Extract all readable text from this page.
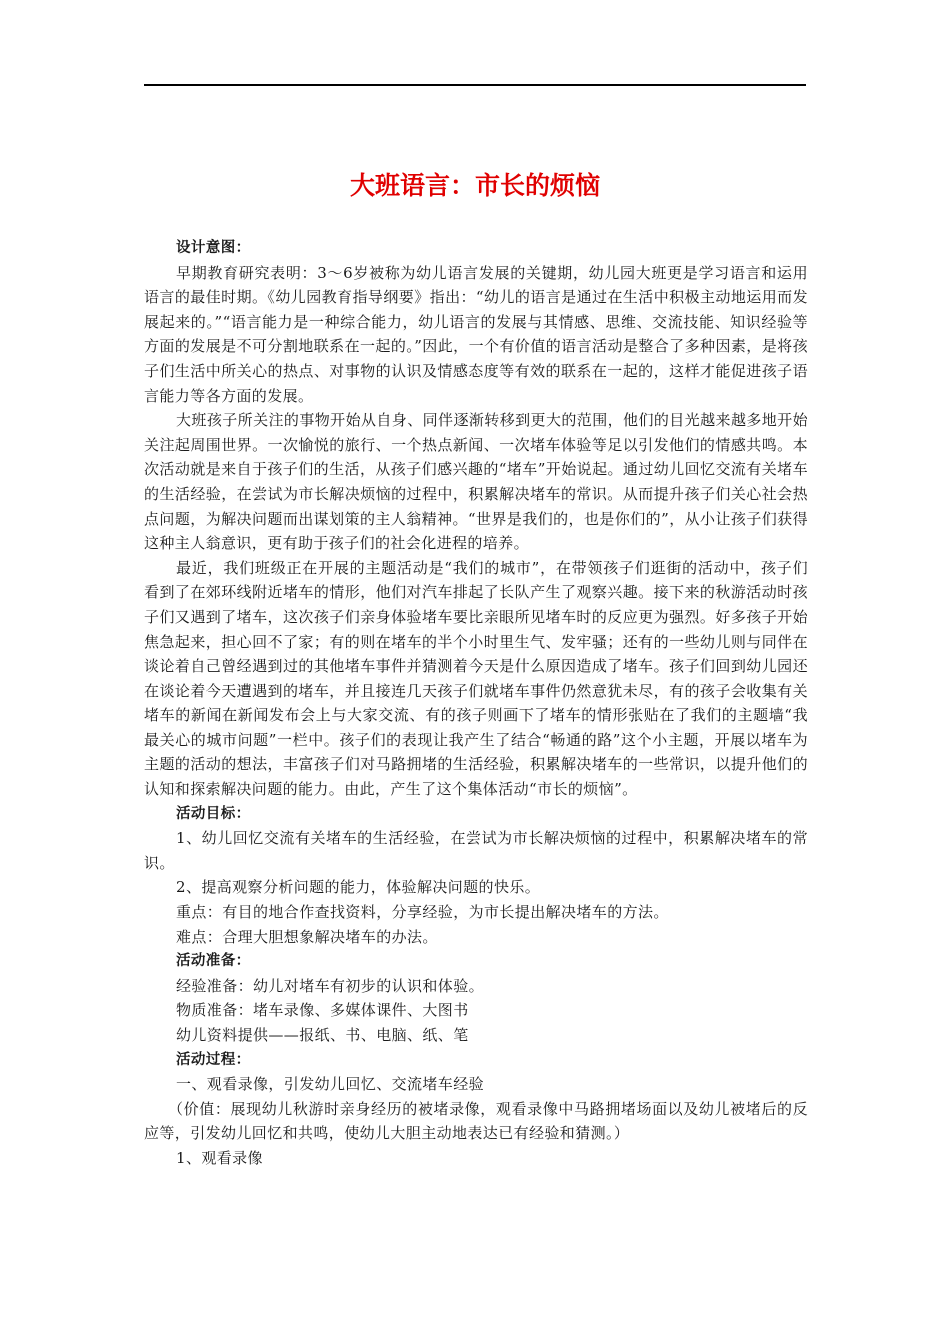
大班语言：市长的烦恼

设计意图：

早期教育研究表明：3～6岁被称为幼儿语言发展的关键期，幼儿园大班更是学习语言和运用语言的最佳时期。《幼儿园教育指导纲要》指出：“幼儿的语言是通过在生活中积极主动地运用而发展起来的。”“语言能力是一种综合能力，幼儿语言的发展与其情感、思维、交流技能、知识经验等方面的发展是不可分割地联系在一起的。”因此，一个有价值的语言活动是整合了多种因素，是将孩子们生活中所关心的热点、对事物的认识及情感态度等有效的联系在一起的，这样才能促进孩子语言能力等各方面的发展。

大班孩子所关注的事物开始从自身、同伴逐渐转移到更大的范围，他们的目光越来越多地开始关注起周围世界。一次愉悦的旅行、一个热点新闻、一次堵车体验等足以引发他们的情感共鸣。本次活动就是来自于孩子们的生活，从孩子们感兴趣的“堵车”开始说起。通过幼儿回忆交流有关堵车的生活经验，在尝试为市长解决烦恼的过程中，积累解决堵车的常识。从而提升孩子们关心社会热点问题，为解决问题而出谋划策的主人翁精神。“世界是我们的，也是你们的”，从小让孩子们获得这种主人翁意识，更有助于孩子们的社会化进程的培养。

最近，我们班级正在开展的主题活动是“我们的城市”，在带领孩子们逛街的活动中，孩子们看到了在郊环线附近堵车的情形，他们对汽车排起了长队产生了观察兴趣。接下来的秋游活动时孩子们又遇到了堵车，这次孩子们亲身体验堵车要比亲眼所见堵车时的反应更为强烈。好多孩子开始焦急起来，担心回不了家；有的则在堵车的半个小时里生气、发牢骚；还有的一些幼儿则与同伴在谈论着自己曾经遇到过的其他堵车事件并猜测着今天是什么原因造成了堵车。孩子们回到幼儿园还在谈论着今天遭遇到的堵车，并且接连几天孩子们就堵车事件仍然意犹未尽，有的孩子会收集有关堵车的新闻在新闻发布会上与大家交流、有的孩子则画下了堵车的情形张贴在了我们的主题墙“我最关心的城市问题”一栏中。孩子们的表现让我产生了结合“畅通的路”这个小主题，开展以堵车为主题的活动的想法，丰富孩子们对马路拥堵的生活经验，积累解决堵车的一些常识，以提升他们的认知和探索解决问题的能力。由此，产生了这个集体活动“市长的烦恼”。

活动目标：

1、幼儿回忆交流有关堵车的生活经验，在尝试为市长解决烦恼的过程中，积累解决堵车的常识。

2、提高观察分析问题的能力，体验解决问题的快乐。

重点：有目的地合作查找资料，分享经验，为市长提出解决堵车的方法。

难点：合理大胆想象解决堵车的办法。

活动准备：

经验准备：幼儿对堵车有初步的认识和体验。

物质准备：堵车录像、多媒体课件、大图书

幼儿资料提供——报纸、书、电脑、纸、笔

活动过程：

一、观看录像，引发幼儿回忆、交流堵车经验

（价值：展现幼儿秋游时亲身经历的被堵录像，观看录像中马路拥堵场面以及幼儿被堵后的反应等，引发幼儿回忆和共鸣，使幼儿大胆主动地表达已有经验和猜测。）

1、观看录像
